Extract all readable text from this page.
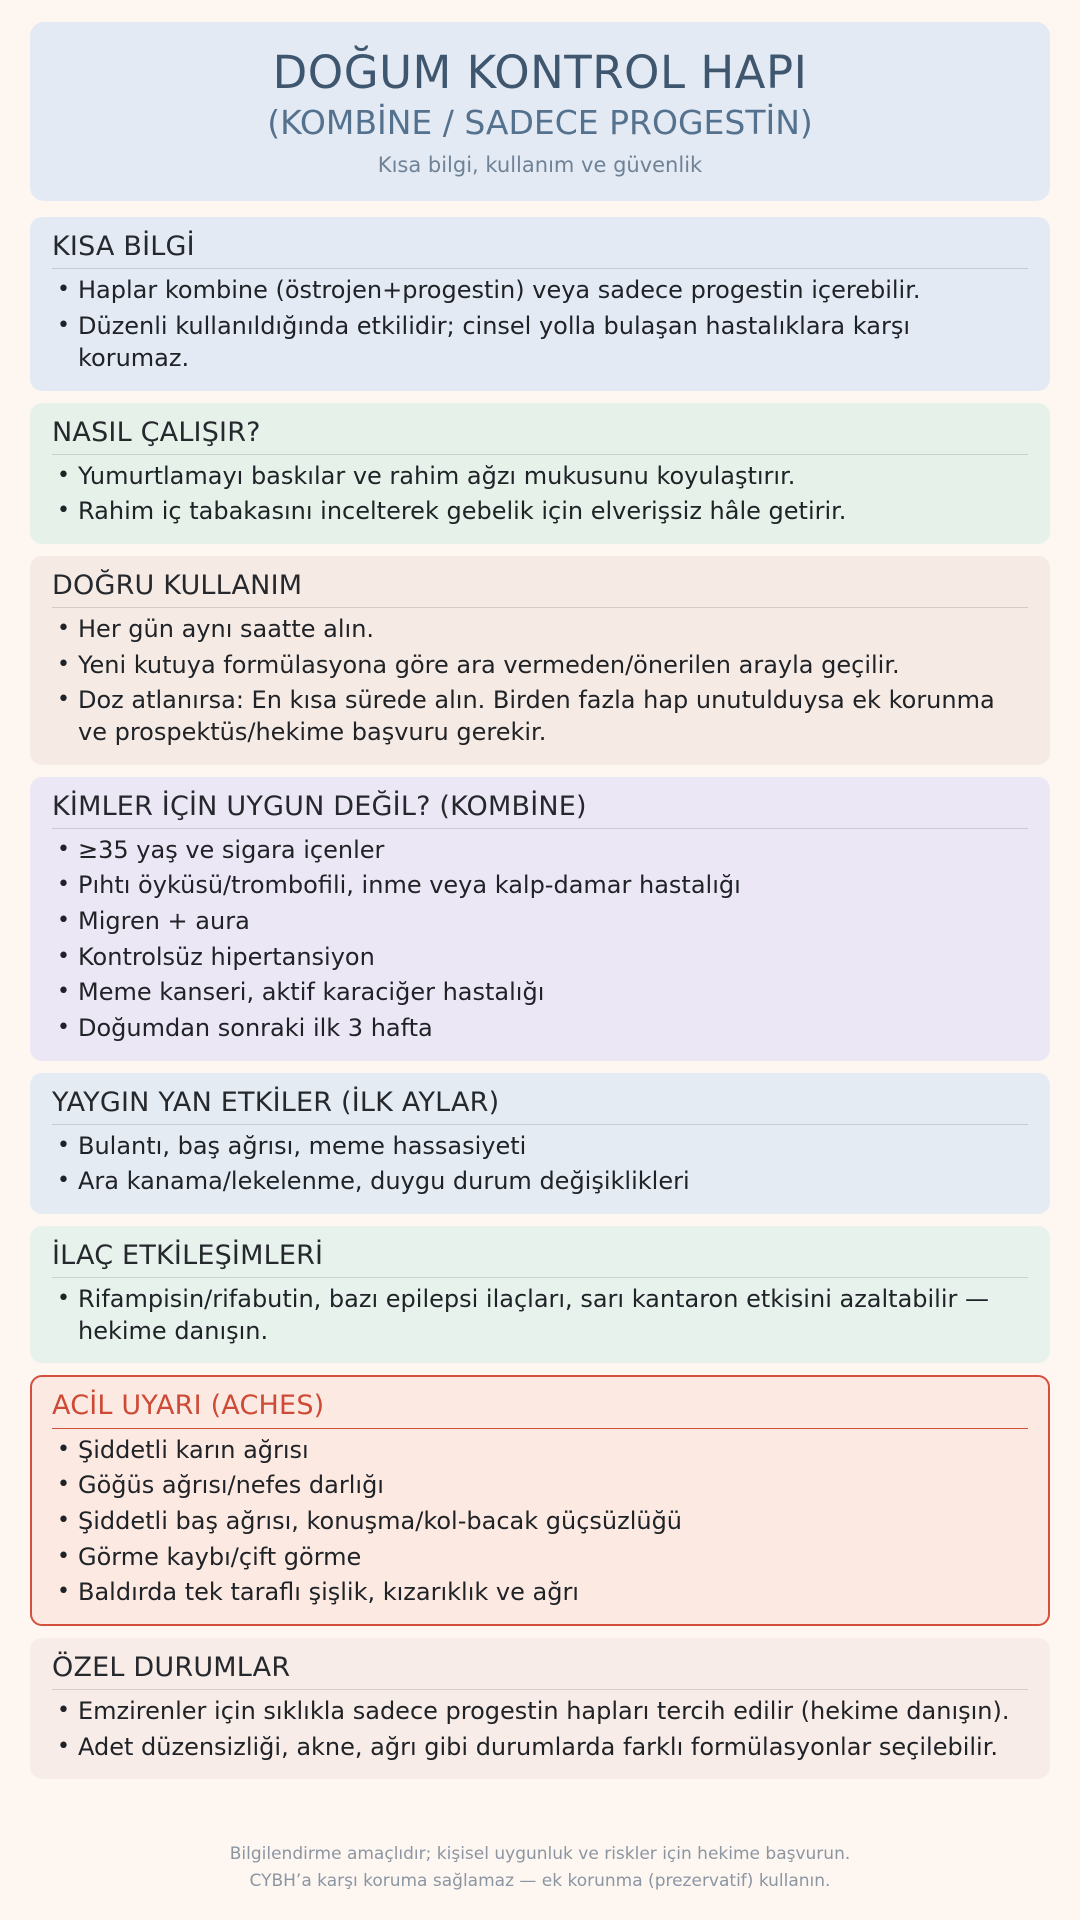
DOĞUM KONTROL HAPI
(KOMBİNE / SADECE PROGESTİN)
Kısa bilgi, kullanım ve güvenlik
KISA BİLGİ
• Haplar kombine (östrojen+progestin) veya sadece progestin içerebilir.
• Düzenli kullanıldığında etkilidir; cinsel yolla bulaşan hastalıklara karşı korumaz.
NASIL ÇALIŞIR?
• Yumurtlamayı baskılar ve rahim ağzı mukusunu koyulaştırır.
• Rahim iç tabakasını incelterek gebelik için elverişsiz hâle getirir.
DOĞRU KULLANIM
• Her gün aynı saatte alın.
• Yeni kutuya formülasyona göre ara vermeden/önerilen arayla geçilir.
• Doz atlanırsa: En kısa sürede alın. Birden fazla hap unutulduysa ek korunma ve prospektüs/hekime başvuru gerekir.
KİMLER İÇİN UYGUN DEĞİL? (KOMBİNE)
• ≥35 yaş ve sigara içenler
• Pıhtı öyküsü/trombofili, inme veya kalp-damar hastalığı
• Migren + aura
• Kontrolsüz hipertansiyon
• Meme kanseri, aktif karaciğer hastalığı
• Doğumdan sonraki ilk 3 hafta
YAYGIN YAN ETKİLER (İLK AYLAR)
• Bulantı, baş ağrısı, meme hassasiyeti
• Ara kanama/lekelenme, duygu durum değişiklikleri
İLAÇ ETKİLEŞİMLERİ
• Rifampisin/rifabutin, bazı epilepsi ilaçları, sarı kantaron etkisini azaltabilir — hekime danışın.
ACİL UYARI (ACHES)
• Şiddetli karın ağrısı
• Göğüs ağrısı/nefes darlığı
• Şiddetli baş ağrısı, konuşma/kol-bacak güçsüzlüğü
• Görme kaybı/çift görme
• Baldırda tek taraflı şişlik, kızarıklık ve ağrı
ÖZEL DURUMLAR
• Emzirenler için sıklıkla sadece progestin hapları tercih edilir (hekime danışın).
• Adet düzensizliği, akne, ağrı gibi durumlarda farklı formülasyonlar seçilebilir.
Bilgilendirme amaçlıdır; kişisel uygunluk ve riskler için hekime başvurun.
CYBH’a karşı koruma sağlamaz — ek korunma (prezervatif) kullanın.
